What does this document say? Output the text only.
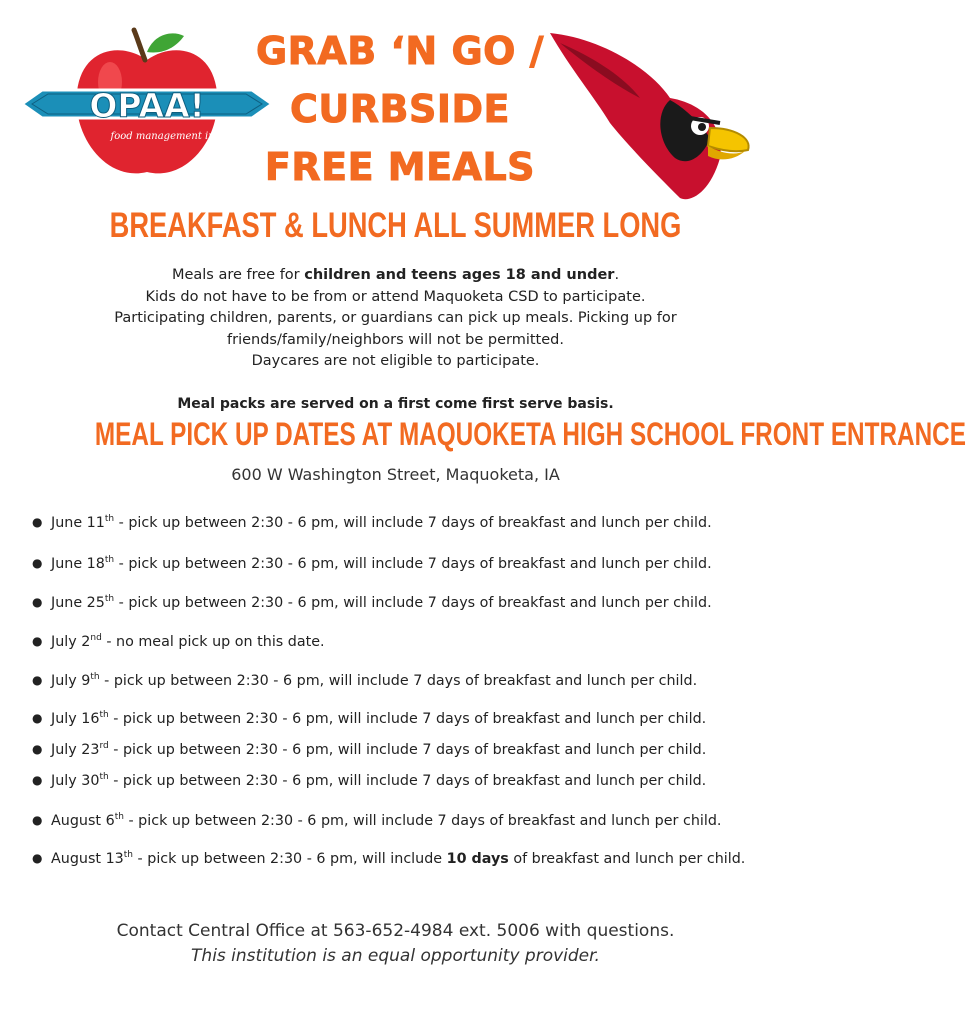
OPAA!
food management inc.
GRAB ‘N GO /
CURBSIDE
FREE MEALS
BREAKFAST & LUNCH ALL SUMMER LONG

Meals are free for children and teens ages 18 and under.

Kids do not have to be from or attend Maquoketa CSD to participate.

Participating children, parents, or guardians can pick up meals. Picking up for friends/family/neighbors will not be permitted.

Daycares are not eligible to participate.

Meal packs are served on a first come first serve basis.
MEAL PICK UP DATES AT MAQUOKETA HIGH SCHOOL FRONT ENTRANCE
600 W Washington Street, Maquoketa, IA
● June 11th - pick up between 2:30 - 6 pm, will include 7 days of breakfast and lunch per child.
● June 18th - pick up between 2:30 - 6 pm, will include 7 days of breakfast and lunch per child.
● June 25th - pick up between 2:30 - 6 pm, will include 7 days of breakfast and lunch per child.
● July 2nd - no meal pick up on this date.
● July 9th - pick up between 2:30 - 6 pm, will include 7 days of breakfast and lunch per child.
● July 16th - pick up between 2:30 - 6 pm, will include 7 days of breakfast and lunch per child.
● July 23rd - pick up between 2:30 - 6 pm, will include 7 days of breakfast and lunch per child.
● July 30th - pick up between 2:30 - 6 pm, will include 7 days of breakfast and lunch per child.
● August 6th - pick up between 2:30 - 6 pm, will include 7 days of breakfast and lunch per child.
● August 13th - pick up between 2:30 - 6 pm, will include 10 days of breakfast and lunch per child.
Contact Central Office at 563-652-4984 ext. 5006 with questions.
This institution is an equal opportunity provider.
